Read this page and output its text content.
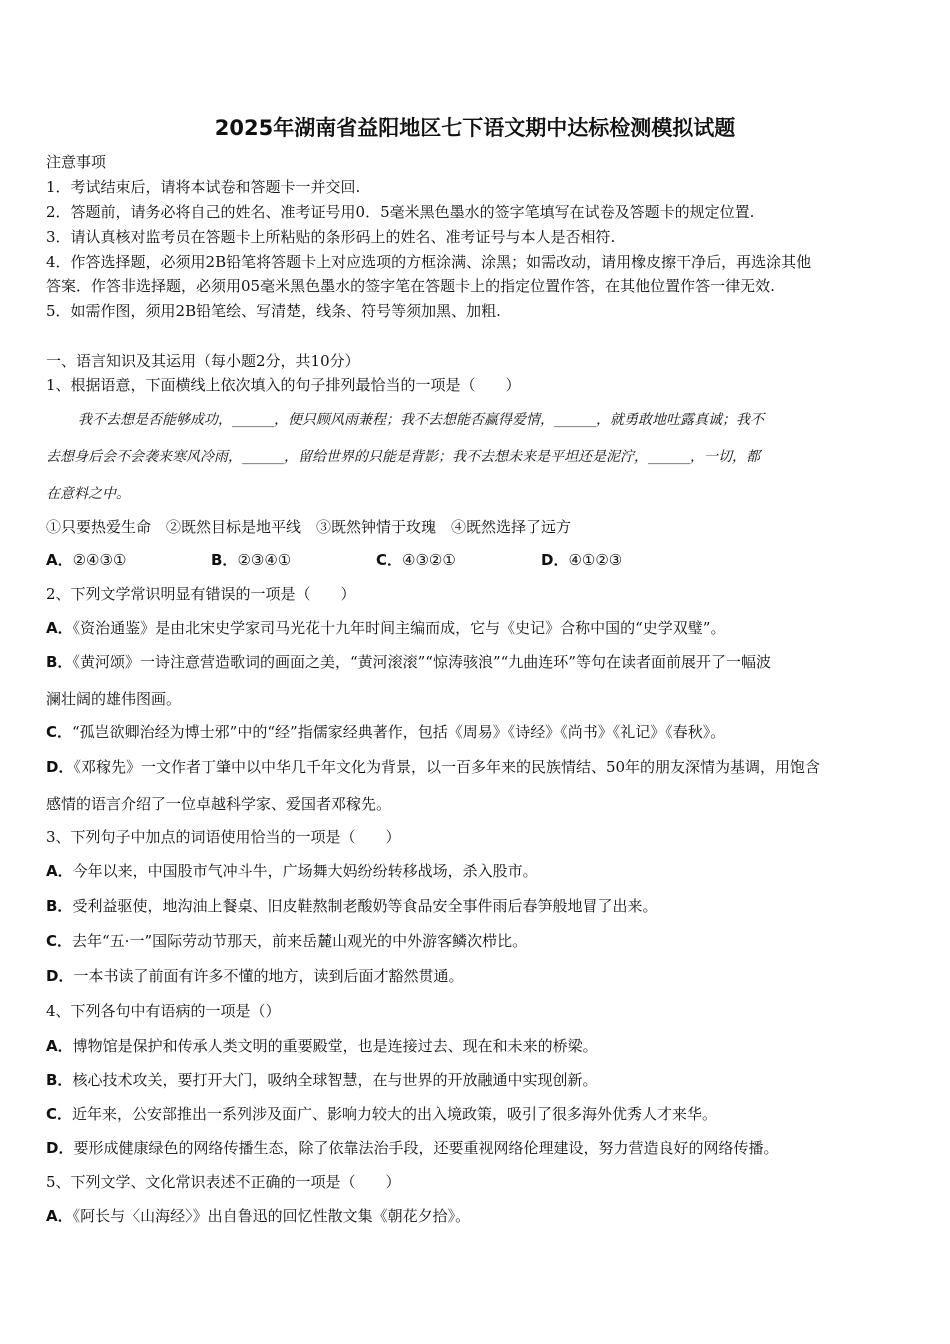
2025年湖南省益阳地区七下语文期中达标检测模拟试题
注意事项
1．考试结束后，请将本试卷和答题卡一并交回.
2．答题前，请务必将自己的姓名、准考证号用0．5毫米黑色墨水的签字笔填写在试卷及答题卡的规定位置.
3．请认真核对监考员在答题卡上所粘贴的条形码上的姓名、准考证号与本人是否相符.
4．作答选择题，必须用2B铅笔将答题卡上对应选项的方框涂满、涂黑；如需改动，请用橡皮擦干净后，再选涂其他
答案．作答非选择题，必须用05毫米黑色墨水的签字笔在答题卡上的指定位置作答，在其他位置作答一律无效.
5．如需作图，须用2B铅笔绘、写清楚，线条、符号等须加黑、加粗.
一、语言知识及其运用（每小题2分，共10分）
1、根据语意，下面横线上依次填入的句子排列最恰当的一项是（　　）
我不去想是否能够成功，______，便只顾风雨兼程；我不去想能否赢得爱情，______，就勇敢地吐露真诚；我不
去想身后会不会袭来寒风冷雨，______，留给世界的只能是背影；我不去想未来是平坦还是泥泞，______，一切，都
在意料之中。
①只要热爱生命　②既然目标是地平线　③既然钟情于玫瑰　④既然选择了远方
A．②④③①	B．②③④①	C．④③②①	D．④①②③
2、下列文学常识明显有错误的一项是（　　）
A．《资治通鉴》是由北宋史学家司马光花十九年时间主编而成，它与《史记》合称中国的“史学双璧”。
B．《黄河颂》一诗注意营造歌词的画面之美，“黄河滚滚”“惊涛骇浪”“九曲连环”等句在读者面前展开了一幅波
澜壮阔的雄伟图画。
C．“孤岂欲卿治经为博士邪”中的“经”指儒家经典著作，包括《周易》《诗经》《尚书》《礼记》《春秋》。
D．《邓稼先》一文作者丁肇中以中华几千年文化为背景，以一百多年来的民族情结、50年的朋友深情为基调，用饱含
感情的语言介绍了一位卓越科学家、爱国者邓稼先。
3、下列句子中加点的词语使用恰当的一项是（　　）
A．今年以来，中国股市气冲斗牛，广场舞大妈纷纷转移战场，杀入股市。
B．受利益驱使，地沟油上餐桌、旧皮鞋熬制老酸奶等食品安全事件雨后春笋般地冒了出来。
C．去年“五·一”国际劳动节那天，前来岳麓山观光的中外游客鳞次栉比。
D．一本书读了前面有许多不懂的地方，读到后面才豁然贯通。
4、下列各句中有语病的一项是（）
A．博物馆是保护和传承人类文明的重要殿堂，也是连接过去、现在和未来的桥梁。
B．核心技术攻关，要打开大门，吸纳全球智慧，在与世界的开放融通中实现创新。
C．近年来，公安部推出一系列涉及面广、影响力较大的出入境政策，吸引了很多海外优秀人才来华。
D．要形成健康绿色的网络传播生态，除了依靠法治手段，还要重视网络伦理建设，努力营造良好的网络传播。
5、下列文学、文化常识表述不正确的一项是（　　）
A．《阿长与〈山海经〉》出自鲁迅的回忆性散文集《朝花夕拾》。
